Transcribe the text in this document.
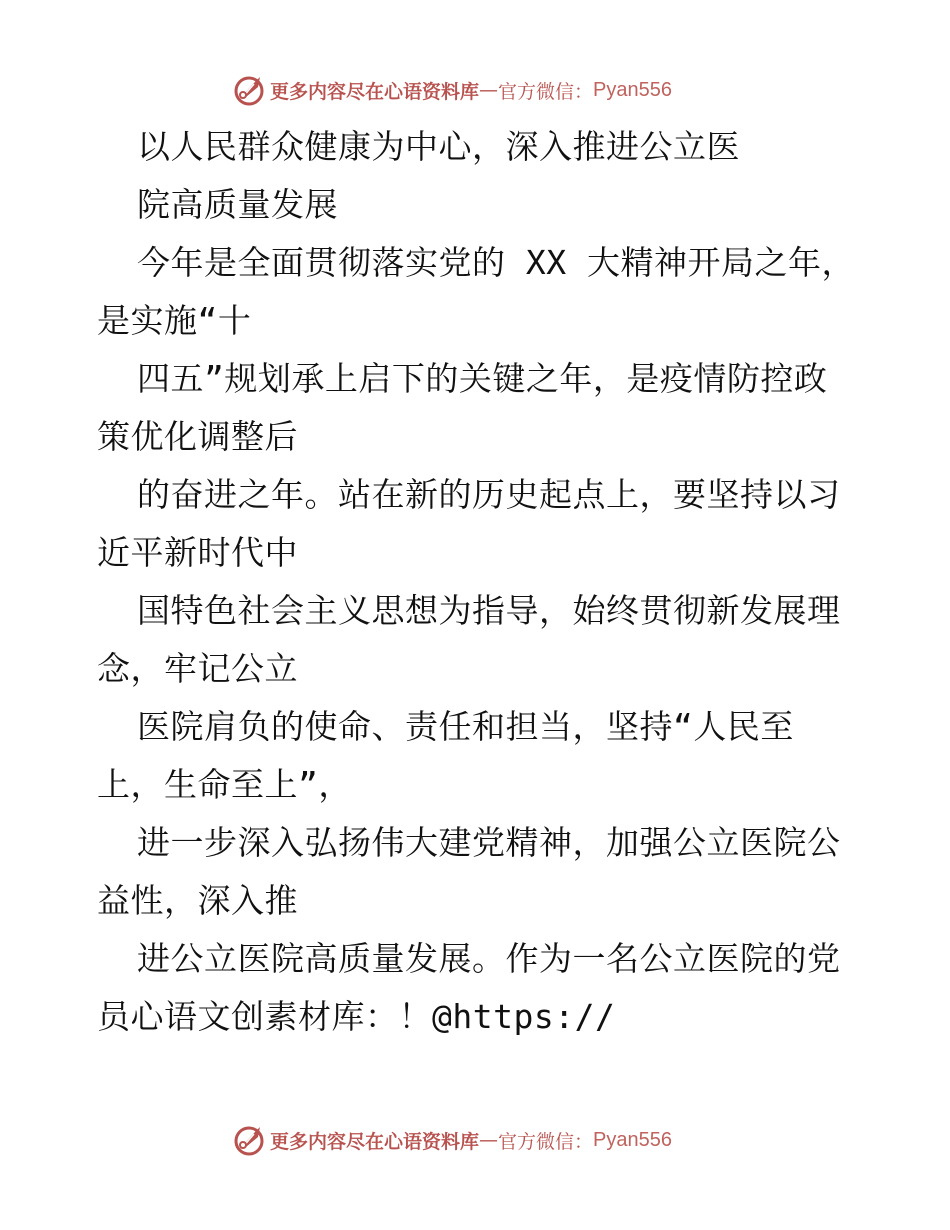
更多内容尽在心语资料库 — 官方微信： Pyan556
以人民群众健康为中心，深入推进公立医
院高质量发展
今年是全面贯彻落实党的 XX 大精神开局之年，
是实施“十
四五”规划承上启下的关键之年，是疫情防控政
策优化调整后
的奋进之年。站在新的历史起点上，要坚持以习
近平新时代中
国特色社会主义思想为指导，始终贯彻新发展理
念，牢记公立
医院肩负的使命、责任和担当，坚持“人民至
上，生命至上”，
进一步深入弘扬伟大建党精神，加强公立医院公
益性，深入推
进公立医院高质量发展。作为一名公立医院的党
员心语文创素材库：！@https://
更多内容尽在心语资料库 — 官方微信： Pyan556
